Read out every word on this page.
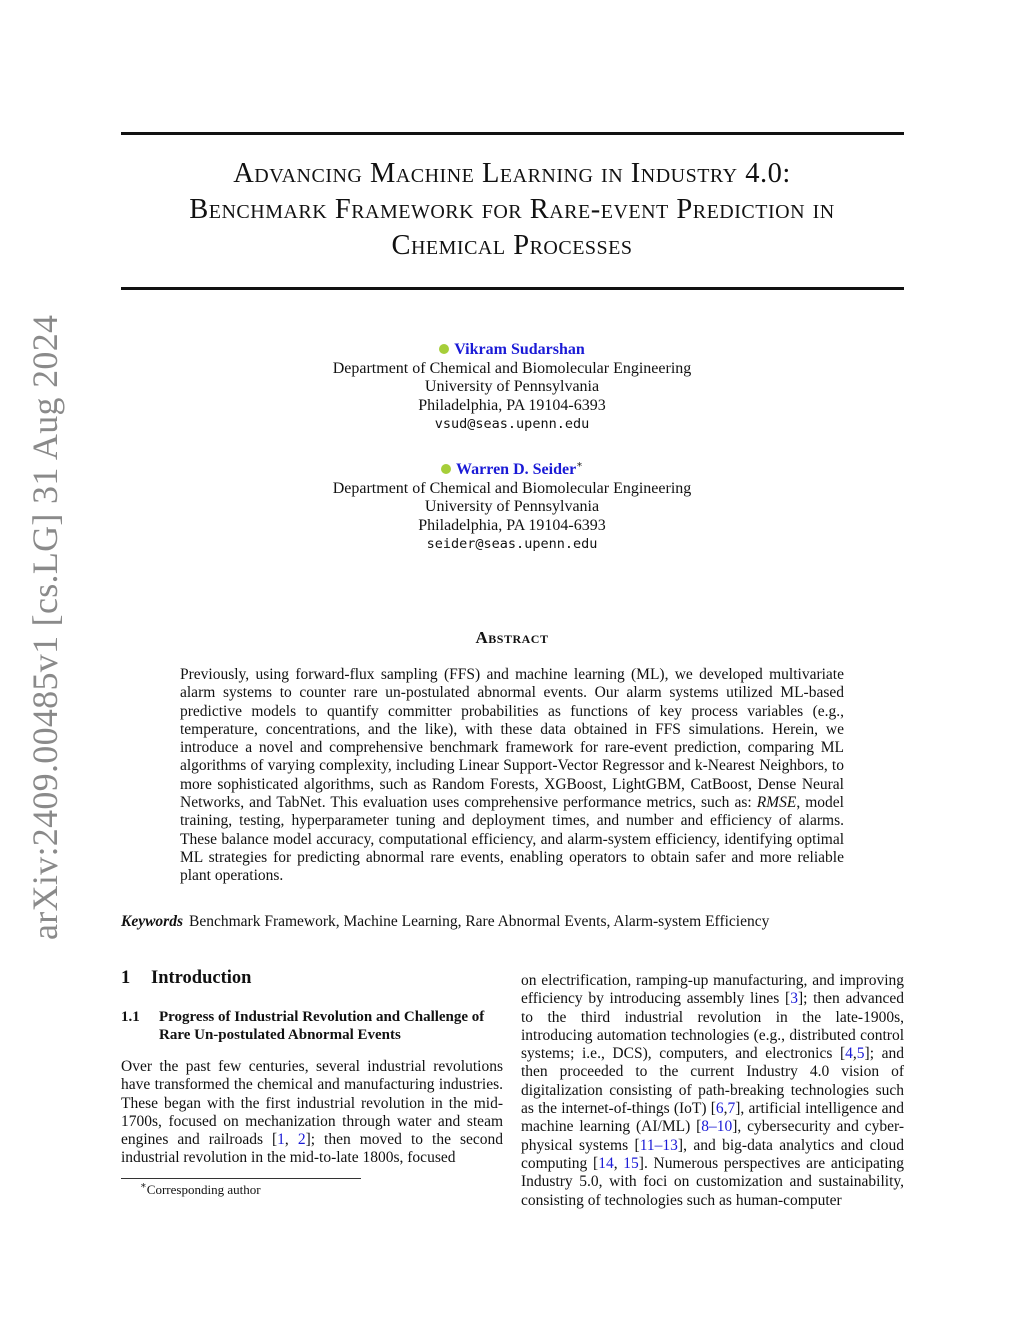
arXiv:2409.00485v1 [cs.LG] 31 Aug 2024
Advancing Machine Learning in Industry 4.0:
Benchmark Framework for Rare-event Prediction in
Chemical Processes
Vikram Sudarshan
Department of Chemical and Biomolecular Engineering
University of Pennsylvania
Philadelphia, PA 19104-6393
vsud@seas.upenn.edu
Warren D. Seider∗
Department of Chemical and Biomolecular Engineering
University of Pennsylvania
Philadelphia, PA 19104-6393
seider@seas.upenn.edu
Abstract
Previously, using forward-flux sampling (FFS) and machine learning (ML), we developed multivariate alarm systems to counter rare un-postulated abnormal events. Our alarm systems utilized ML-based predictive models to quantify committer probabilities as functions of key process variables (e.g., temperature, concentrations, and the like), with these data obtained in FFS simulations. Herein, we introduce a novel and comprehensive benchmark framework for rare-event prediction, comparing ML algorithms of varying complexity, including Linear Support-Vector Regressor and k-Nearest Neighbors, to more sophisticated algorithms, such as Random Forests, XGBoost, LightGBM, CatBoost, Dense Neural Networks, and TabNet. This evaluation uses comprehensive performance metrics, such as: RMSE, model training, testing, hyperparameter tuning and deployment times, and number and efficiency of alarms. These balance model accuracy, computational efficiency, and alarm-system efficiency, identifying optimal ML strategies for predicting abnormal rare events, enabling operators to obtain safer and more reliable plant operations.
Keywords Benchmark Framework, Machine Learning, Rare Abnormal Events, Alarm-system Efficiency
1 Introduction
1.1	Progress of Industrial Revolution and Challenge of Rare Un-postulated Abnormal Events
Over the past few centuries, several industrial revolutions have transformed the chemical and manufacturing industries. These began with the first industrial revolution in the mid-1700s, focused on mechanization through water and steam engines and railroads [1, 2]; then moved to the second industrial revolution in the mid-to-late 1800s, focused
on electrification, ramping-up manufacturing, and improving efficiency by introducing assembly lines [3]; then advanced to the third industrial revolution in the late-1900s, introducing automation technologies (e.g., distributed control systems; i.e., DCS), computers, and electronics [4,5]; and then proceeded to the current Industry 4.0 vision of digitalization consisting of path-breaking technologies such as the internet-of-things (IoT) [6,7], artificial intelligence and machine learning (AI/ML) [8–10], cybersecurity and cyber-physical systems [11–13], and big-data analytics and cloud computing [14, 15]. Numerous perspectives are anticipating Industry 5.0, with foci on customization and sustainability, consisting of technologies such as human-computer
∗Corresponding author
